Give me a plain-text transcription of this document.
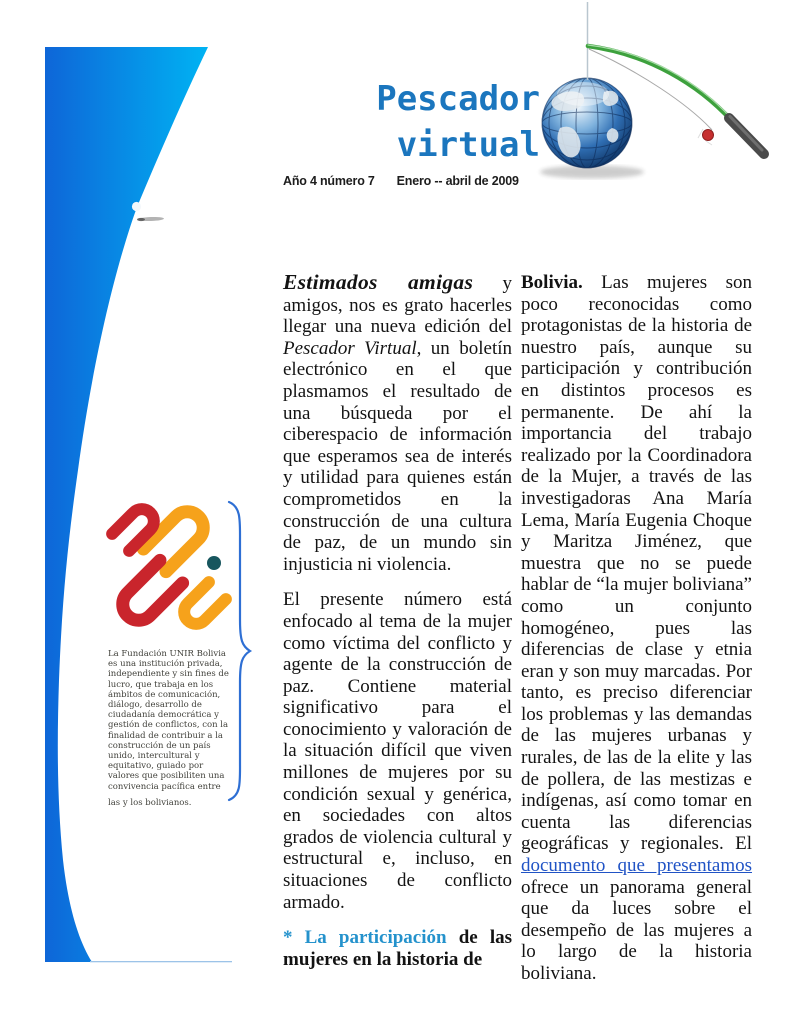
Pescador
virtual
Año 4 número 7 Enero -- abril de 2009

Estimados amigas y amigos, nos es grato hacerles llegar una nueva edición del Pescador Virtual, un boletín electrónico en el que plasmamos el resultado de una búsqueda por el ciberespacio de información que esperamos sea de interés y utilidad para quienes están comprometidos en la construcción de una cultura de paz, de un mundo sin injusticia ni violencia.

El presente número está enfocado al tema de la mujer como víctima del conflicto y agente de la construcción de paz. Contiene material significativo para el conocimiento y valoración de la situación difícil que viven millones de mujeres por su condición sexual y genérica, en sociedades con altos grados de violencia cultural y estructural e, incluso, en situaciones de conflicto armado.

* La participación de las mujeres en la historia de

Bolivia. Las mujeres son poco reconocidas como protagonistas de la historia de nuestro país, aunque su participación y contribución en distintos procesos es permanente. De ahí la importancia del trabajo realizado por la Coordinadora de la Mujer, a través de las investigadoras Ana María Lema, María Eugenia Choque y Maritza Jiménez, que muestra que no se puede hablar de “la mujer boliviana” como un conjunto homogéneo, pues las diferencias de clase y etnia eran y son muy marcadas. Por tanto, es preciso diferenciar los problemas y las demandas de las mujeres urbanas y rurales, de las de la elite y las de pollera, de las mestizas e indígenas, así como tomar en cuenta las diferencias geográficas y regionales. El documento que presentamos ofrece un panorama general que da luces sobre el desempeño de las mujeres a lo largo de la historia boliviana.

La Fundación UNIR Bolivia es una institución privada, independiente y sin fines de lucro, que trabaja en los ámbitos de comunicación, diálogo, desarrollo de ciudadanía democrática y gestión de conflictos, con la finalidad de contribuir a la construcción de un país unido, intercultural y equitativo, guiado por valores que posibiliten una convivencia pacífica entre

las y los bolivianos.
